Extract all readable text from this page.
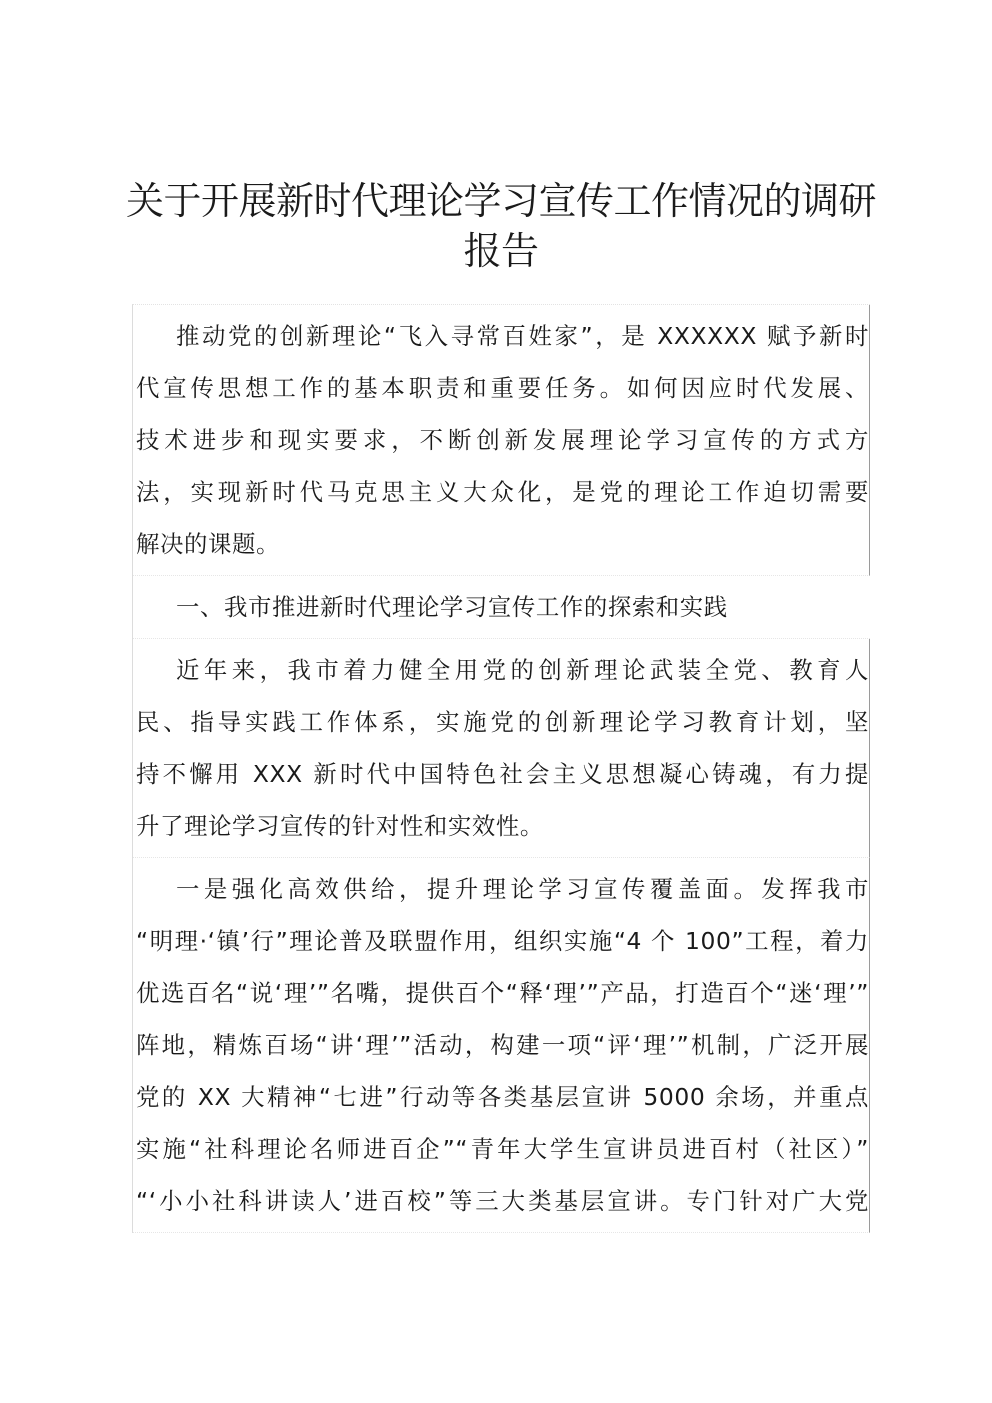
关于开展新时代理论学习宣传工作情况的调研
报告

推动党的创新理论“飞入寻常百姓家”，是 XXXXXX 赋予新时
代宣传思想工作的基本职责和重要任务。如何因应时代发展、
技术进步和现实要求，不断创新发展理论学习宣传的方式方
法，实现新时代马克思主义大众化，是党的理论工作迫切需要
解决的课题。

一、我市推进新时代理论学习宣传工作的探索和实践

近年来，我市着力健全用党的创新理论武装全党、教育人
民、指导实践工作体系，实施党的创新理论学习教育计划，坚
持不懈用 XXX 新时代中国特色社会主义思想凝心铸魂，有力提
升了理论学习宣传的针对性和实效性。

一是强化高效供给，提升理论学习宣传覆盖面。发挥我市
“明理·‘镇’行”理论普及联盟作用，组织实施“4 个 100”工程，着力
优选百名“说‘理’”名嘴，提供百个“释‘理’”产品，打造百个“迷‘理’”
阵地，精炼百场“讲‘理’”活动，构建一项“评‘理’”机制，广泛开展
党的 XX 大精神“七进”行动等各类基层宣讲 5000 余场，并重点
实施“社科理论名师进百企”“青年大学生宣讲员进百村（社区）”
“‘小小社科讲读人’进百校”等三大类基层宣讲。专门针对广大党
